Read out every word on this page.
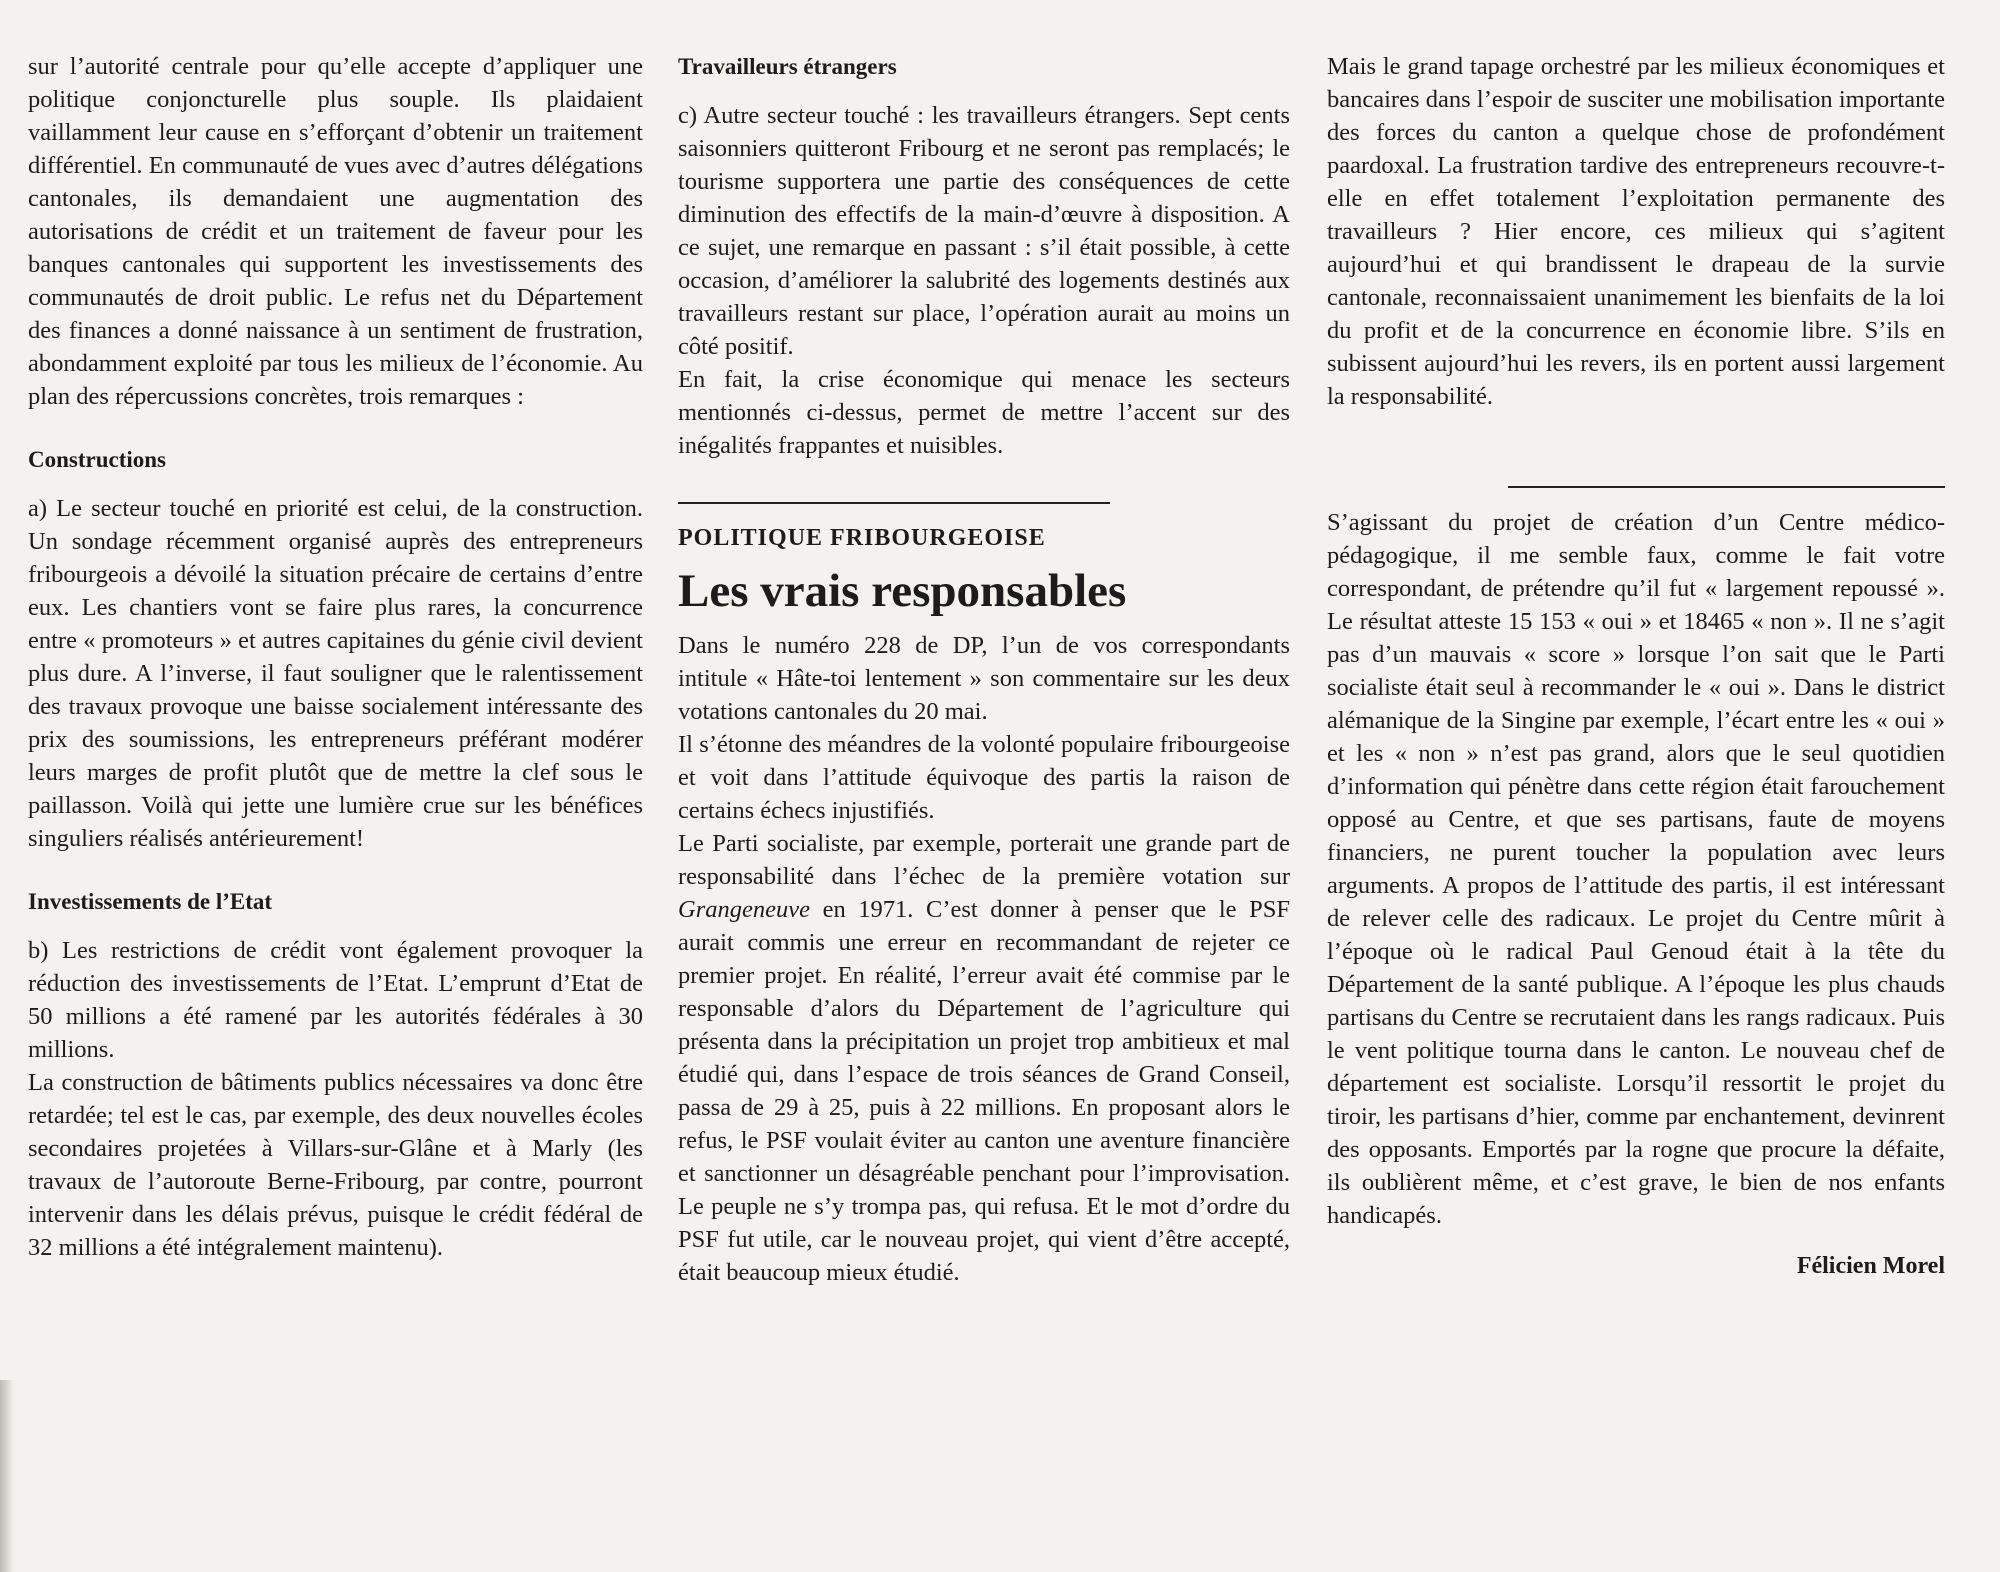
sur l’autorité centrale pour qu’elle accepte d’appliquer une politique conjoncturelle plus souple. Ils plaidaient vaillamment leur cause en s’efforçant d’obtenir un traitement différentiel. En communauté de vues avec d’autres délégations cantonales, ils demandaient une augmentation des autorisations de crédit et un traitement de faveur pour les banques cantonales qui supportent les investissements des communautés de droit public. Le refus net du Département des finances a donné naissance à un sentiment de frustration, abondamment exploité par tous les milieux de l’économie. Au plan des répercussions concrètes, trois remarques :

Constructions

a) Le secteur touché en priorité est celui, de la construction. Un sondage récemment organisé auprès des entrepreneurs fribourgeois a dévoilé la situation précaire de certains d’entre eux. Les chantiers vont se faire plus rares, la concurrence entre « promoteurs » et autres capitaines du génie civil devient plus dure. A l’inverse, il faut souligner que le ralentissement des travaux provoque une baisse socialement intéressante des prix des soumissions, les entrepreneurs préférant modérer leurs marges de profit plutôt que de mettre la clef sous le paillasson. Voilà qui jette une lumière crue sur les bénéfices singuliers réalisés antérieurement!

Investissements de l’Etat

b) Les restrictions de crédit vont également provoquer la réduction des investissements de l’Etat. L’emprunt d’Etat de 50 millions a été ramené par les autorités fédérales à 30 millions.

La construction de bâtiments publics nécessaires va donc être retardée; tel est le cas, par exemple, des deux nouvelles écoles secondaires projetées à Villars-sur-Glâne et à Marly (les travaux de l’autoroute Berne-Fribourg, par contre, pourront intervenir dans les délais prévus, puisque le crédit fédéral de 32 millions a été intégralement maintenu).

Travailleurs étrangers

c) Autre secteur touché : les travailleurs étrangers. Sept cents saisonniers quitteront Fribourg et ne seront pas remplacés; le tourisme supportera une partie des conséquences de cette diminution des effectifs de la main-d’œuvre à disposition. A ce sujet, une remarque en passant : s’il était possible, à cette occasion, d’améliorer la salubrité des logements destinés aux travailleurs restant sur place, l’opération aurait au moins un côté positif.

En fait, la crise économique qui menace les secteurs mentionnés ci-dessus, permet de mettre l’accent sur des inégalités frappantes et nuisibles.

POLITIQUE FRIBOURGEOISE

Les vrais responsables

Dans le numéro 228 de DP, l’un de vos correspondants intitule « Hâte-toi lentement » son commentaire sur les deux votations cantonales du 20 mai.

Il s’étonne des méandres de la volonté populaire fribourgeoise et voit dans l’attitude équivoque des partis la raison de certains échecs injustifiés.

Le Parti socialiste, par exemple, porterait une grande part de responsabilité dans l’échec de la première votation sur Grangeneuve en 1971. C’est donner à penser que le PSF aurait commis une erreur en recommandant de rejeter ce premier projet. En réalité, l’erreur avait été commise par le responsable d’alors du Département de l’agriculture qui présenta dans la précipitation un projet trop ambitieux et mal étudié qui, dans l’espace de trois séances de Grand Conseil, passa de 29 à 25, puis à 22 millions. En proposant alors le refus, le PSF voulait éviter au canton une aventure financière et sanctionner un désagréable penchant pour l’improvisation. Le peuple ne s’y trompa pas, qui refusa. Et le mot d’ordre du PSF fut utile, car le nouveau projet, qui vient d’être accepté, était beaucoup mieux étudié.

Mais le grand tapage orchestré par les milieux économiques et bancaires dans l’espoir de susciter une mobilisation importante des forces du canton a quelque chose de profondément paardoxal. La frustration tardive des entrepreneurs recouvre-t-elle en effet totalement l’exploitation permanente des travailleurs ? Hier encore, ces milieux qui s’agitent aujourd’hui et qui brandissent le drapeau de la survie cantonale, reconnaissaient unanimement les bienfaits de la loi du profit et de la concurrence en économie libre. S’ils en subissent aujourd’hui les revers, ils en portent aussi largement la responsabilité.

S’agissant du projet de création d’un Centre médico-pédagogique, il me semble faux, comme le fait votre correspondant, de prétendre qu’il fut « largement repoussé ». Le résultat atteste 15 153 « oui » et 18465 « non ». Il ne s’agit pas d’un mauvais « score » lorsque l’on sait que le Parti socialiste était seul à recommander le « oui ». Dans le district alémanique de la Singine par exemple, l’écart entre les « oui » et les « non » n’est pas grand, alors que le seul quotidien d’information qui pénètre dans cette région était farouchement opposé au Centre, et que ses partisans, faute de moyens financiers, ne purent toucher la population avec leurs arguments. A propos de l’attitude des partis, il est intéressant de relever celle des radicaux. Le projet du Centre mûrit à l’époque où le radical Paul Genoud était à la tête du Département de la santé publique. A l’époque les plus chauds partisans du Centre se recrutaient dans les rangs radicaux. Puis le vent politique tourna dans le canton. Le nouveau chef de département est socialiste. Lorsqu’il ressortit le projet du tiroir, les partisans d’hier, comme par enchantement, devinrent des opposants. Emportés par la rogne que procure la défaite, ils oublièrent même, et c’est grave, le bien de nos enfants handicapés.

Félicien Morel
